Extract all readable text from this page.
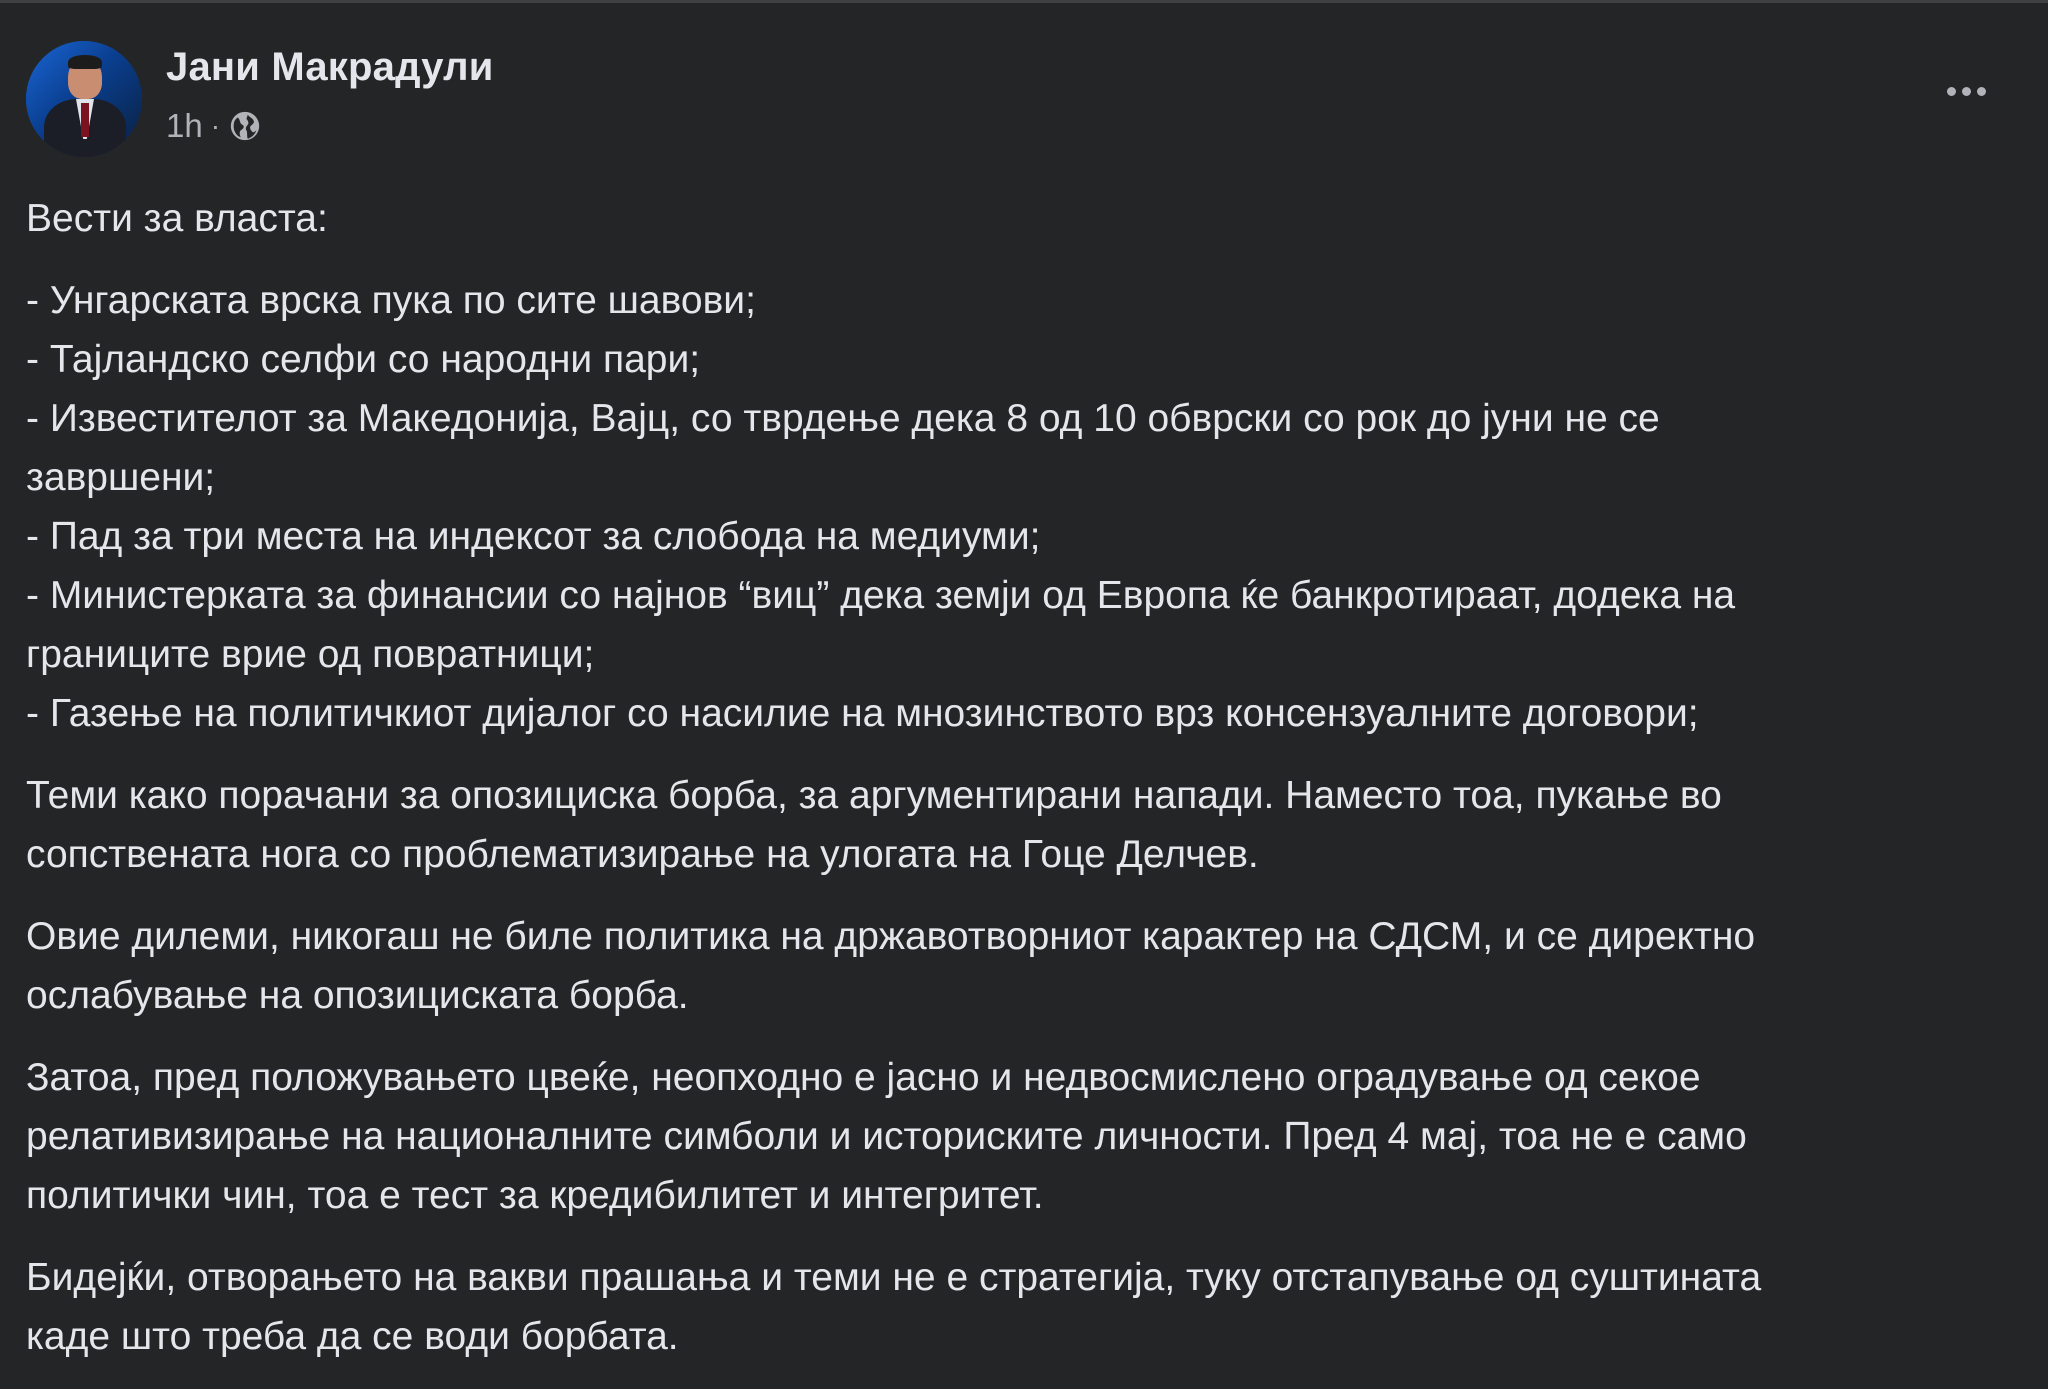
Јани Макрадули
1h ·

Вести за власта:

- Унгарската врска пука по сите шавови;
- Тајландско селфи со народни пари;
- Известителот за Македонија, Вајц, со тврдење дека 8 од 10 обврски со рок до јуни не се
завршени;
- Пад за три места на индексот за слобода на медиуми;
- Министерката за финансии со најнов “виц” дека земји од Европа ќе банкротираат, додека на
границите врие од повратници;
- Газење на политичкиот дијалог со насилие на мнозинството врз консензуалните договори;

Теми како порачани за опозициска борба, за аргументирани напади. Наместо тоа, пукање во
сопствената нога со проблематизирање на улогата на Гоце Делчев.

Овие дилеми, никогаш не биле политика на државотворниот карактер на СДСМ, и се директно
ослабување на опозициската борба.

Затоа, пред положувањето цвеќе, неопходно е јасно и недвосмислено оградување од секое
релативизирање на националните симболи и историските личности. Пред 4 мај, тоа не е само
политички чин, тоа е тест за кредибилитет и интегритет.

Бидејќи, отворањето на вакви прашања и теми не е стратегија, туку отстапување од суштината
каде што треба да се води борбата.
